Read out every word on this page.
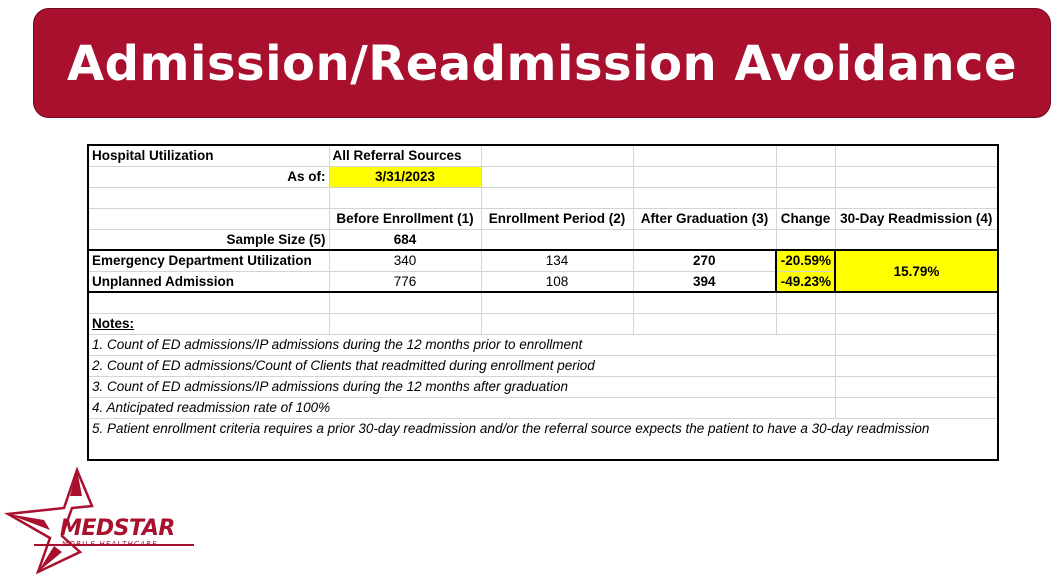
Admission/Readmission Avoidance
Hospital Utilization	All Referral Sources				
As of:	3/31/2023				

	Before Enrollment (1)	Enrollment Period (2)	After Graduation (3)	Change	30-Day Readmission (4)
Sample Size (5)	684				
Emergency Department Utilization	340	134	270	-20.59%	15.79%
Unplanned Admission	776	108	394	-49.23%	

Notes:					
1. Count of ED admissions/IP admissions during the 12 months prior to enrollment					
2. Count of ED admissions/Count of Clients that readmitted during enrollment period					
3. Count of ED admissions/IP admissions during the 12 months after graduation					
4. Anticipated readmission rate of 100%					
5. Patient enrollment criteria requires a prior 30-day readmission and/or the referral source expects the patient to have a 30-day readmission					
MEDSTAR
MOBILE HEALTHCARE
